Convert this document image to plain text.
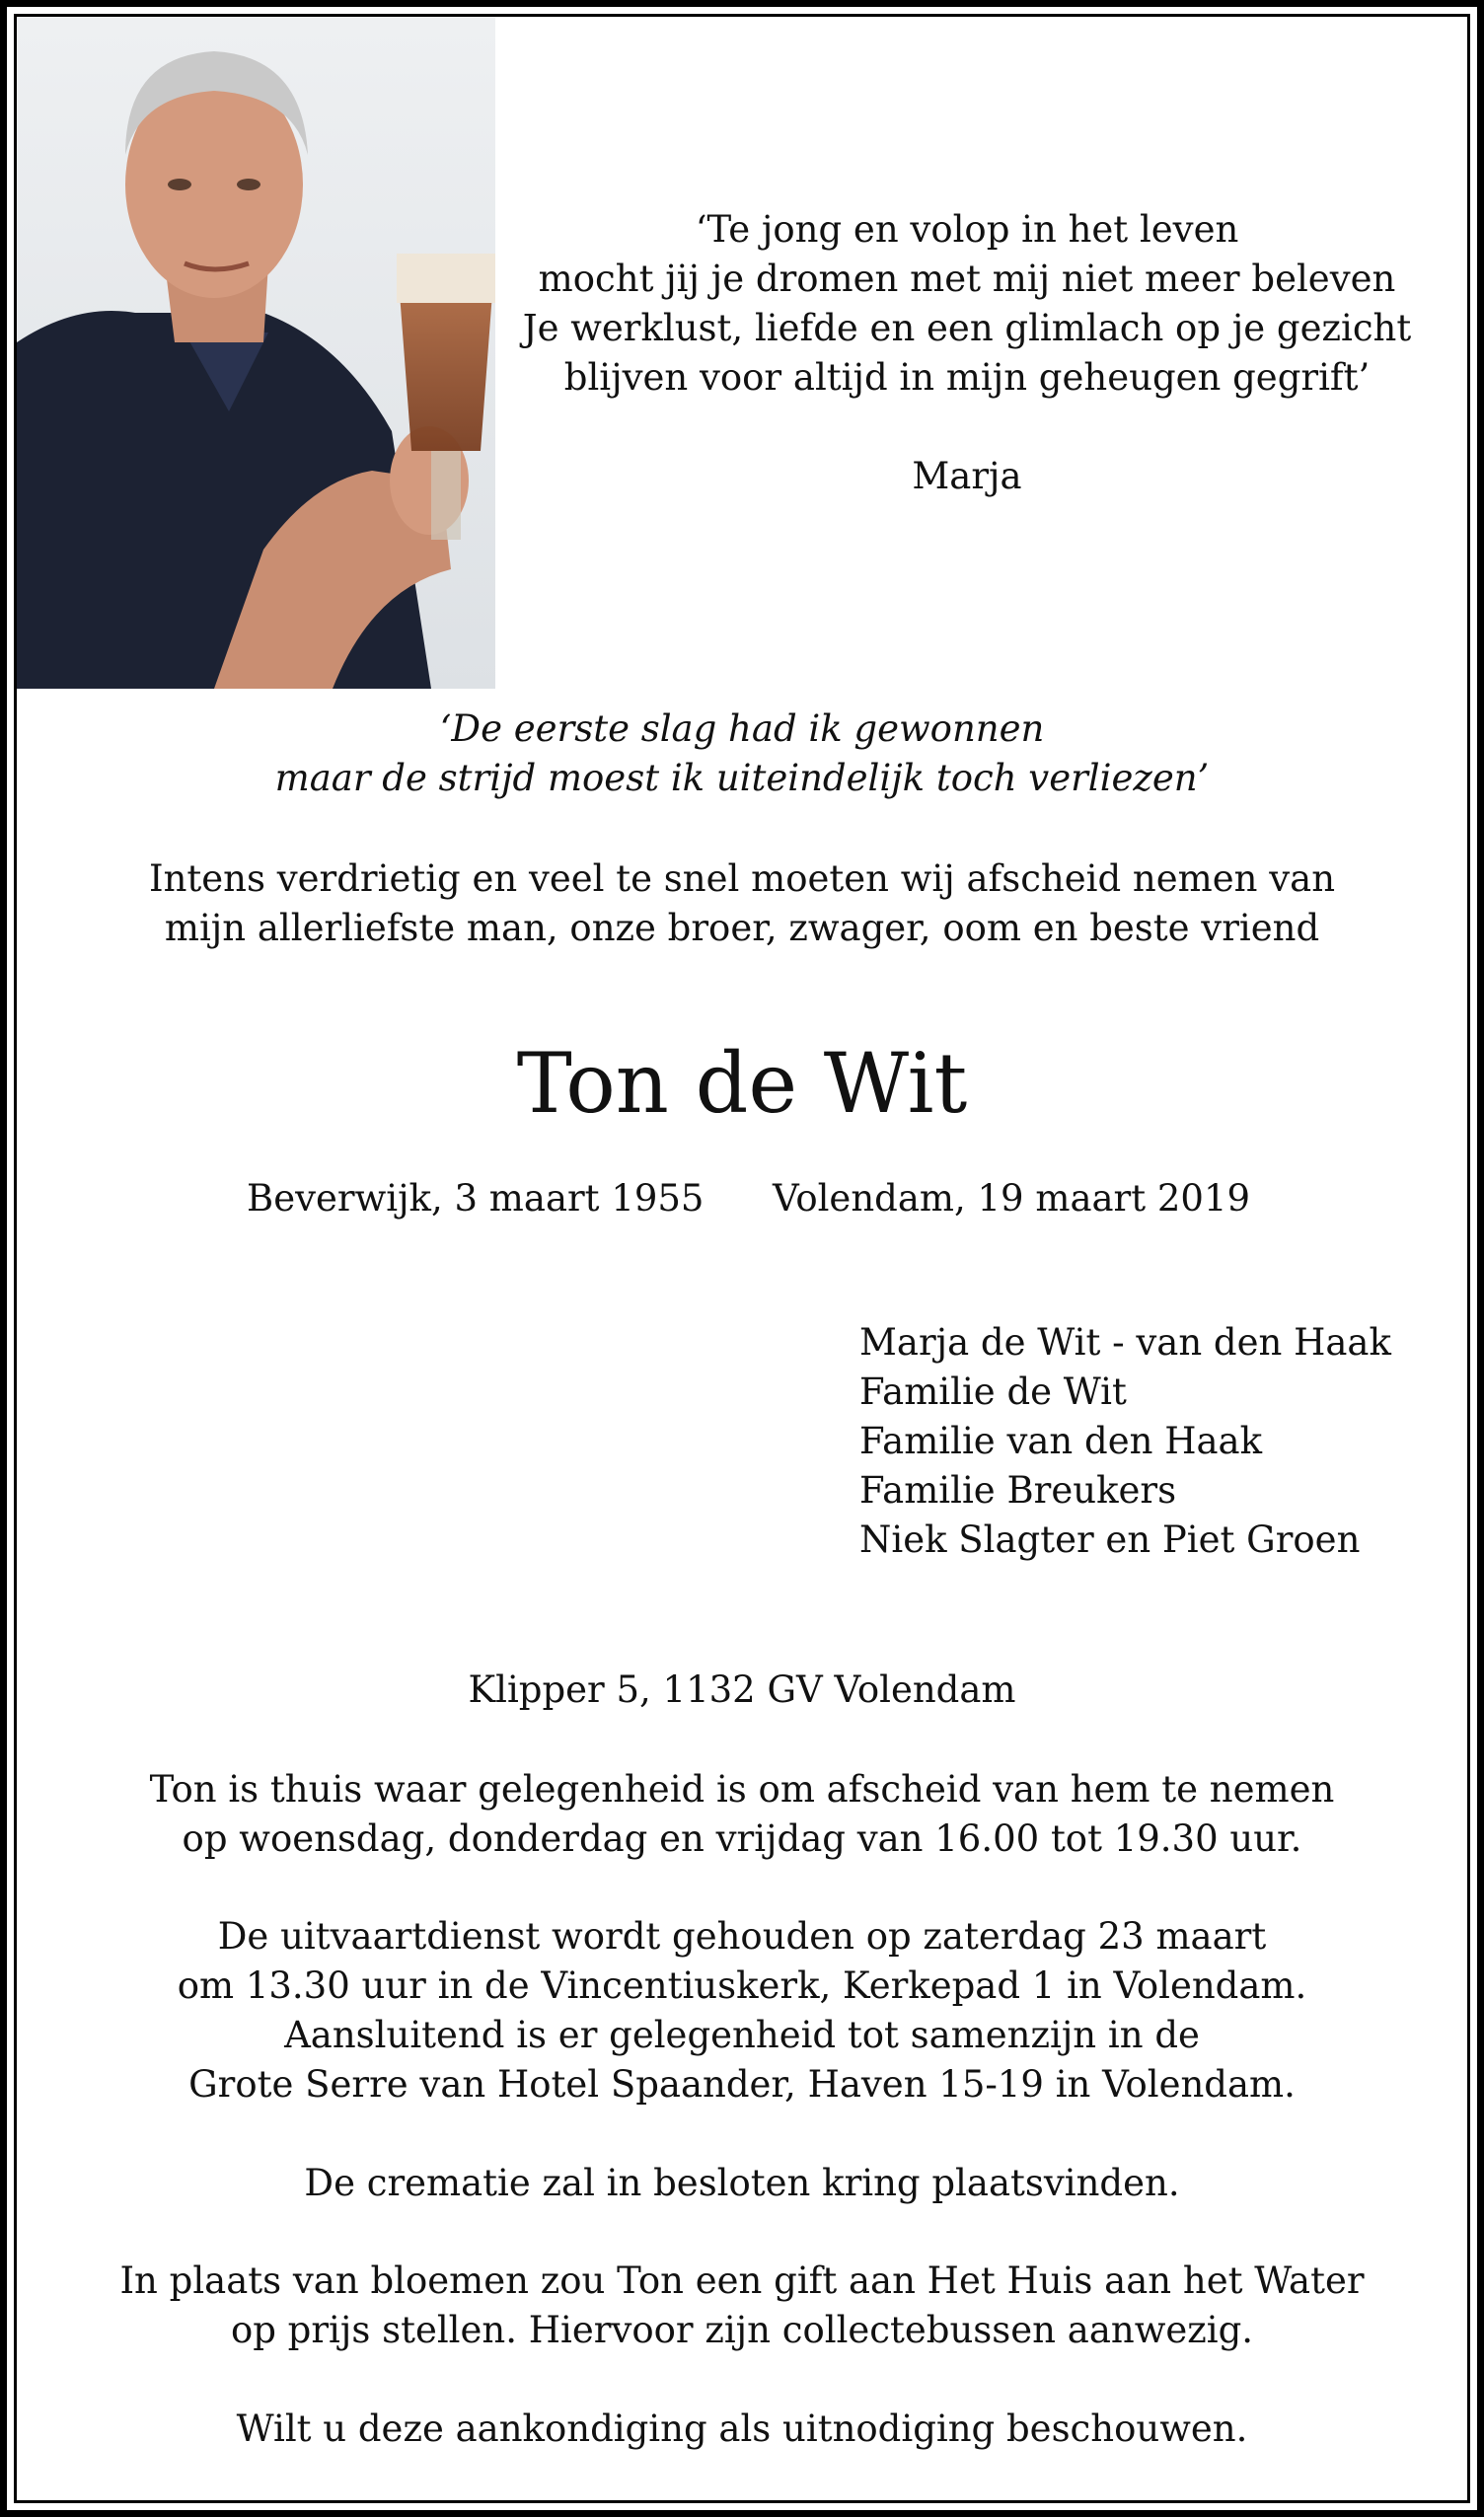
‘Te jong en volop in het leven
mocht jij je dromen met mij niet meer beleven
Je werklust, liefde en een glimlach op je gezicht
blijven voor altijd in mijn geheugen gegrift’
Marja
‘De eerste slag had ik gewonnen
maar de strijd moest ik uiteindelijk toch verliezen’
Intens verdrietig en veel te snel moeten wij afscheid nemen van
mijn allerliefste man, onze broer, zwager, oom en beste vriend
Ton de Wit
Beverwijk, 3 maart 1955 Volendam, 19 maart 2019
Marja de Wit - van den Haak
Familie de Wit
Familie van den Haak
Familie Breukers
Niek Slagter en Piet Groen
Klipper 5, 1132 GV Volendam
Ton is thuis waar gelegenheid is om afscheid van hem te nemen
op woensdag, donderdag en vrijdag van 16.00 tot 19.30 uur.
De uitvaartdienst wordt gehouden op zaterdag 23 maart
om 13.30 uur in de Vincentiuskerk, Kerkepad 1 in Volendam.
Aansluitend is er gelegenheid tot samenzijn in de
Grote Serre van Hotel Spaander, Haven 15-19 in Volendam.
De crematie zal in besloten kring plaatsvinden.
In plaats van bloemen zou Ton een gift aan Het Huis aan het Water
op prijs stellen. Hiervoor zijn collectebussen aanwezig.
Wilt u deze aankondiging als uitnodiging beschouwen.
